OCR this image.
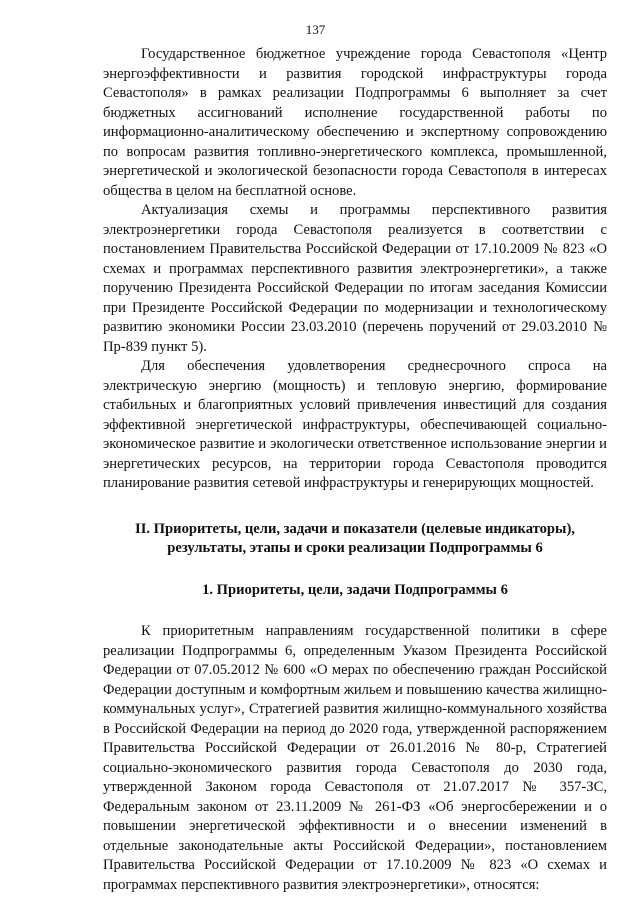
137

Государственное бюджетное учреждение города Севастополя «Центр энергоэффективности и развития городской инфраструктуры города Севастополя» в рамках реализации Подпрограммы 6 выполняет за счет бюджетных ассигнований исполнение государственной работы по информационно-аналитическому обеспечению и экспертному сопровождению по вопросам развития топливно-энергетического комплекса, промышленной, энергетической и экологической безопасности города Севастополя в интересах общества в целом на бесплатной основе.

Актуализация схемы и программы перспективного развития электроэнергетики города Севастополя реализуется в соответствии с постановлением Правительства Российской Федерации от 17.10.2009 № 823 «О схемах и программах перспективного развития электроэнергетики», а также поручению Президента Российской Федерации по итогам заседания Комиссии при Президенте Российской Федерации по модернизации и технологическому развитию экономики России 23.03.2010 (перечень поручений от 29.03.2010 № Пр-839 пункт 5).

Для обеспечения удовлетворения среднесрочного спроса на электрическую энергию (мощность) и тепловую энергию, формирование стабильных и благоприятных условий привлечения инвестиций для создания эффективной энергетической инфраструктуры, обеспечивающей социально-экономическое развитие и экологически ответственное использование энергии и энергетических ресурсов, на территории города Севастополя проводится планирование развития сетевой инфраструктуры и генерирующих мощностей.

II. Приоритеты, цели, задачи и показатели (целевые индикаторы), результаты, этапы и сроки реализации Подпрограммы 6
1. Приоритеты, цели, задачи Подпрограммы 6

К приоритетным направлениям государственной политики в сфере реализации Подпрограммы 6, определенным Указом Президента Российской Федерации от 07.05.2012 № 600 «О мерах по обеспечению граждан Российской Федерации доступным и комфортным жильем и повышению качества жилищно-коммунальных услуг», Стратегией развития жилищно-коммунального хозяйства в Российской Федерации на период до 2020 года, утвержденной распоряжением Правительства Российской Федерации от 26.01.2016 № 80-р, Стратегией социально-экономического развития города Севастополя до 2030 года, утвержденной Законом города Севастополя от 21.07.2017 № 357-ЗС, Федеральным законом от 23.11.2009 № 261-ФЗ «Об энергосбережении и о повышении энергетической эффективности и о внесении изменений в отдельные законодательные акты Российской Федерации», постановлением Правительства Российской Федерации от 17.10.2009 № 823 «О схемах и программах перспективного развития электроэнергетики», относятся:
